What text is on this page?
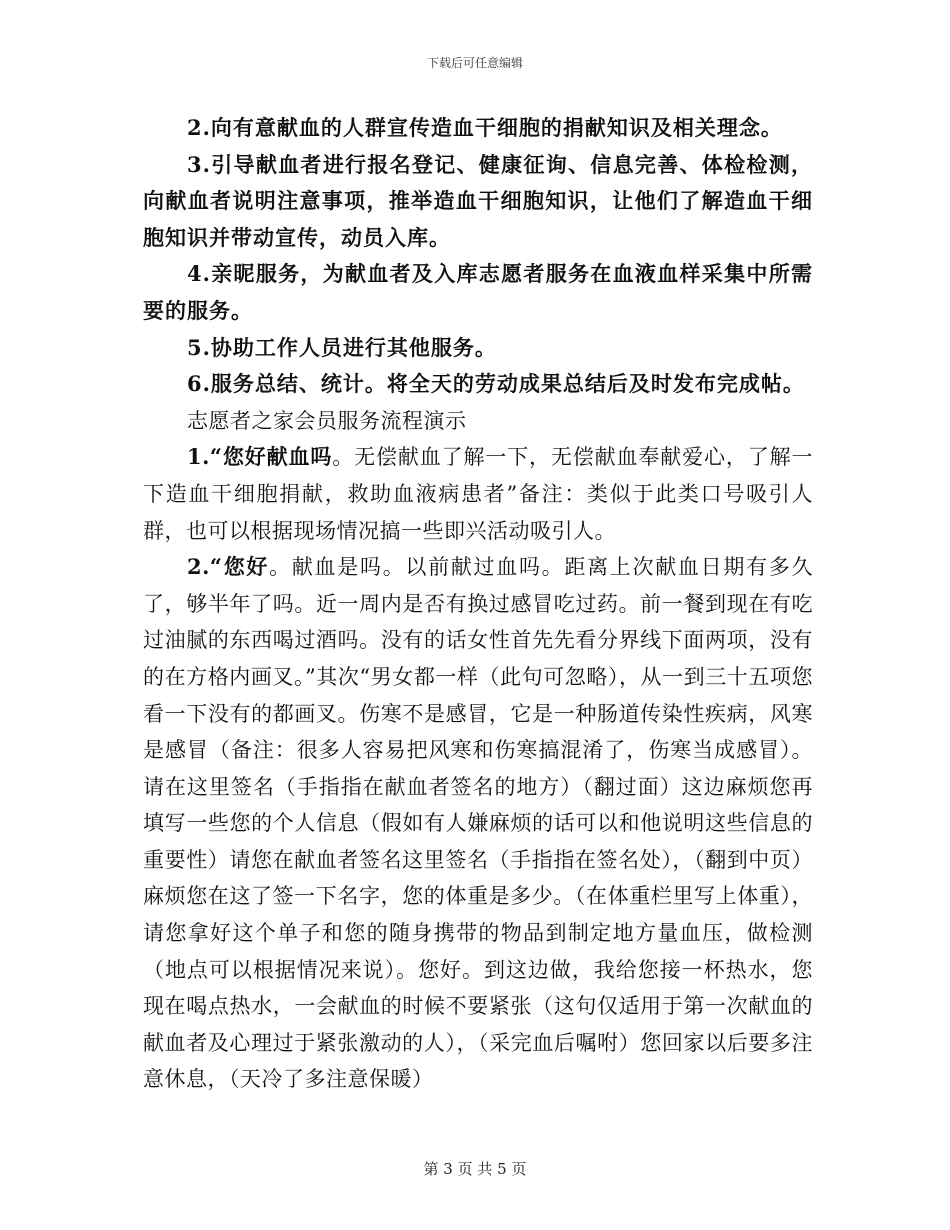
下载后可任意编辑

2.向有意献血的人群宣传造血干细胞的捐献知识及相关理念。

3.引导献血者进行报名登记、健康征询、信息完善、体检检测，向献血者说明注意事项，推举造血干细胞知识，让他们了解造血干细胞知识并带动宣传，动员入库。

4.亲昵服务，为献血者及入库志愿者服务在血液血样采集中所需要的服务。

5.协助工作人员进行其他服务。

6.服务总结、统计。将全天的劳动成果总结后及时发布完成帖。

志愿者之家会员服务流程演示

1.“您好献血吗。无偿献血了解一下，无偿献血奉献爱心，了解一下造血干细胞捐献，救助血液病患者”备注：类似于此类口号吸引人群，也可以根据现场情况搞一些即兴活动吸引人。

2.“您好。献血是吗。以前献过血吗。距离上次献血日期有多久了，够半年了吗。近一周内是否有换过感冒吃过药。前一餐到现在有吃过油腻的东西喝过酒吗。没有的话女性首先先看分界线下面两项，没有的在方格内画叉。”其次“男女都一样（此句可忽略），从一到三十五项您看一下没有的都画叉。伤寒不是感冒，它是一种肠道传染性疾病，风寒是感冒（备注：很多人容易把风寒和伤寒搞混淆了，伤寒当成感冒）。请在这里签名（手指指在献血者签名的地方）（翻过面）这边麻烦您再填写一些您的个人信息（假如有人嫌麻烦的话可以和他说明这些信息的重要性）请您在献血者签名这里签名（手指指在签名处），（翻到中页）麻烦您在这了签一下名字，您的体重是多少。（在体重栏里写上体重），请您拿好这个单子和您的随身携带的物品到制定地方量血压，做检测（地点可以根据情况来说）。您好。到这边做，我给您接一杯热水，您现在喝点热水，一会献血的时候不要紧张（这句仅适用于第一次献血的献血者及心理过于紧张激动的人），（采完血后嘱咐）您回家以后要多注意休息，（天冷了多注意保暖）

第 3 页 共 5 页
